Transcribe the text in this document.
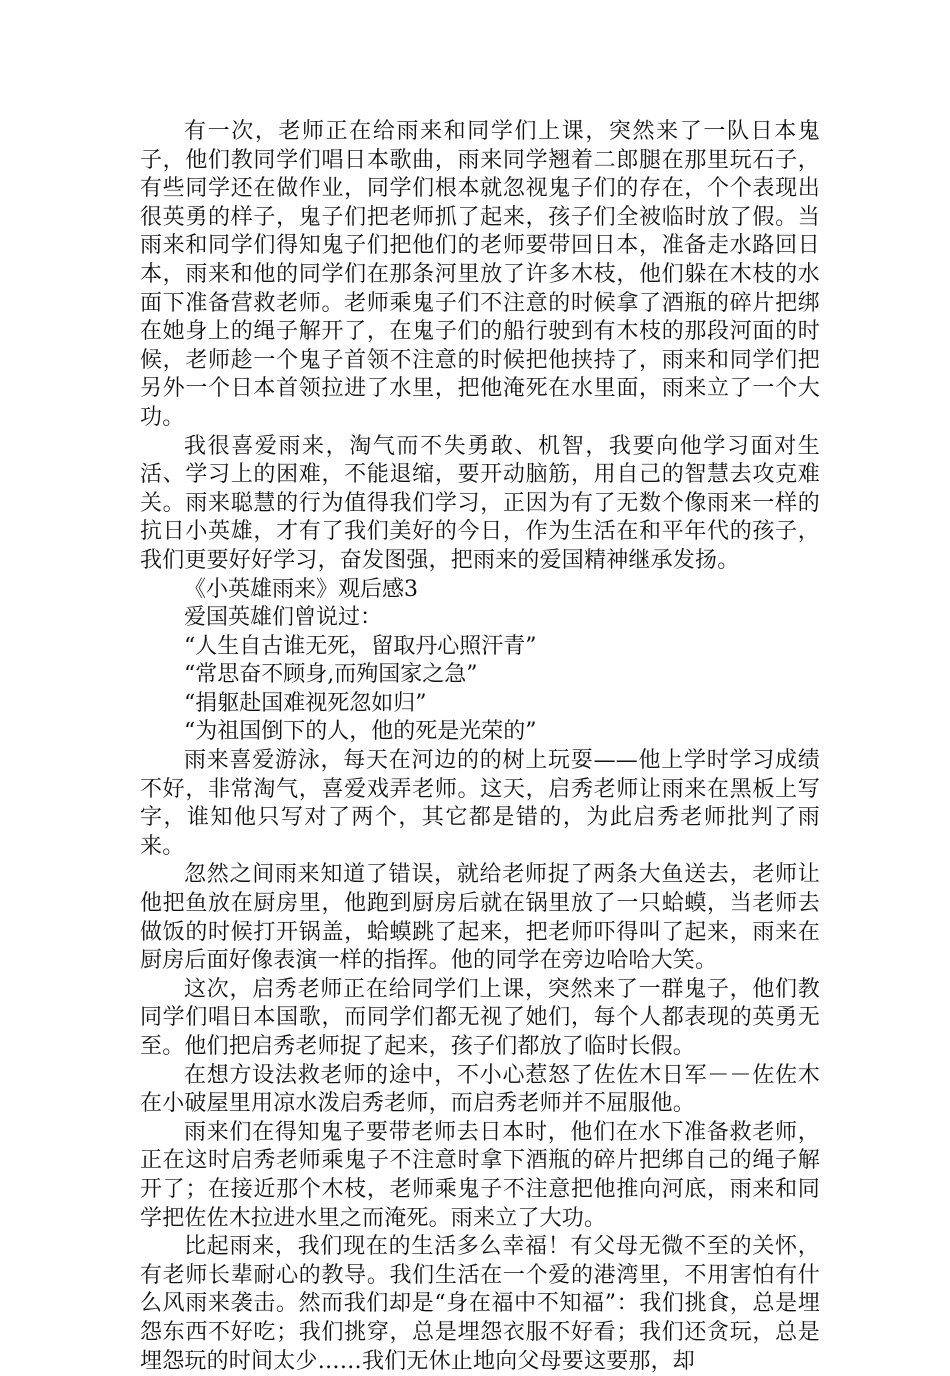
有一次，老师正在给雨来和同学们上课，突然来了一队日本鬼子，他们教同学们唱日本歌曲，雨来同学翘着二郎腿在那里玩石子，有些同学还在做作业，同学们根本就忽视鬼子们的存在，个个表现出很英勇的样子，鬼子们把老师抓了起来，孩子们全被临时放了假。当雨来和同学们得知鬼子们把他们的老师要带回日本，准备走水路回日本，雨来和他的同学们在那条河里放了许多木枝，他们躲在木枝的水面下准备营救老师。老师乘鬼子们不注意的时候拿了酒瓶的碎片把绑在她身上的绳子解开了，在鬼子们的船行驶到有木枝的那段河面的时候，老师趁一个鬼子首领不注意的时候把他挟持了，雨来和同学们把另外一个日本首领拉进了水里，把他淹死在水里面，雨来立了一个大功。

我很喜爱雨来，淘气而不失勇敢、机智，我要向他学习面对生活、学习上的困难，不能退缩，要开动脑筋，用自己的智慧去攻克难关。雨来聪慧的行为值得我们学习，正因为有了无数个像雨来一样的抗日小英雄，才有了我们美好的今日，作为生活在和平年代的孩子，我们更要好好学习，奋发图强，把雨来的爱国精神继承发扬。

《小英雄雨来》观后感3

爱国英雄们曾说过：

“人生自古谁无死，留取丹心照汗青”

“常思奋不顾身,而殉国家之急”

“捐躯赴国难视死忽如归”

“为祖国倒下的人，他的死是光荣的”

雨来喜爱游泳，每天在河边的的树上玩耍——他上学时学习成绩不好，非常淘气，喜爱戏弄老师。这天，启秀老师让雨来在黑板上写字，谁知他只写对了两个，其它都是错的，为此启秀老师批判了雨来。

忽然之间雨来知道了错误，就给老师捉了两条大鱼送去，老师让他把鱼放在厨房里，他跑到厨房后就在锅里放了一只蛤蟆，当老师去做饭的时候打开锅盖，蛤蟆跳了起来，把老师吓得叫了起来，雨来在厨房后面好像表演一样的指挥。他的同学在旁边哈哈大笑。

这次，启秀老师正在给同学们上课，突然来了一群鬼子，他们教同学们唱日本国歌，而同学们都无视了她们，每个人都表现的英勇无至。他们把启秀老师捉了起来，孩子们都放了临时长假。

在想方设法救老师的途中，不小心惹怒了佐佐木日军－－佐佐木在小破屋里用凉水泼启秀老师，而启秀老师并不屈服他。

雨来们在得知鬼子要带老师去日本时，他们在水下准备救老师，正在这时启秀老师乘鬼子不注意时拿下酒瓶的碎片把绑自己的绳子解开了；在接近那个木枝，老师乘鬼子不注意把他推向河底，雨来和同学把佐佐木拉进水里之而淹死。雨来立了大功。

比起雨来，我们现在的生活多么幸福！有父母无微不至的关怀，有老师长辈耐心的教导。我们生活在一个爱的港湾里，不用害怕有什么风雨来袭击。然而我们却是“身在福中不知福”：我们挑食，总是埋怨东西不好吃；我们挑穿，总是埋怨衣服不好看；我们还贪玩，总是埋怨玩的时间太少……我们无休止地向父母要这要那，却
